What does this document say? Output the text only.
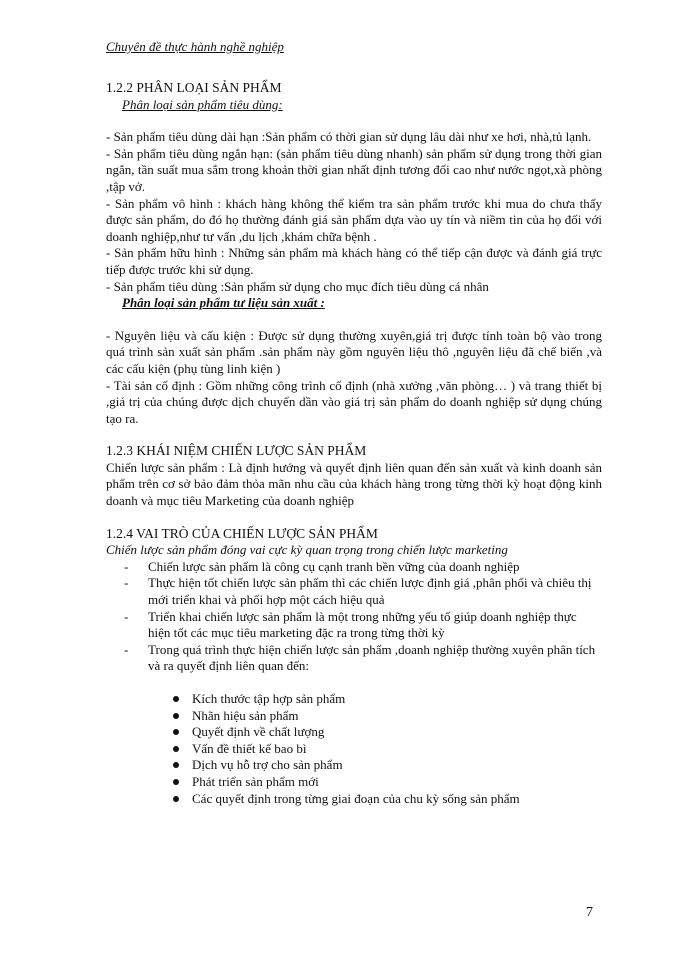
Chuyên đề thực hành nghề nghiệp

1.2.2 PHÂN LOẠI SẢN PHẨM

Phân loại sản phẩm tiêu dùng:

- Sản phẩm tiêu dùng dài hạn :Sản phẩm có thời gian sử dụng lâu dài như xe hơi, nhà,tủ lạnh.

- Sản phẩm tiêu dùng ngắn hạn: (sản phẩm tiêu dùng nhanh) sản phẩm sử dụng trong thời gian ngắn, tần suất mua sắm trong khoản thời gian nhất định tương đối cao như nước ngọt,xà phòng ,tập vở.

- Sản phẩm vô hình : khách hàng không thể kiểm tra sản phẩm trước khi mua do chưa thấy được sản phẩm, do đó họ thường đánh giá sản phẩm dựa vào uy tín và niềm tin của họ đối với doanh nghiệp,như tư vấn ,du lịch ,khám chữa bệnh .

- Sản phẩm hữu hình : Những sản phẩm mà khách hàng có thể tiếp cận được và đánh giá trực tiếp được trước khi sử dụng.

- Sản phẩm tiêu dùng :Sản phẩm sử dụng cho mục đích tiêu dùng cá nhân

Phân loại sản phẩm tư liệu sản xuất :

- Nguyên liệu và cấu kiện : Được sử dụng thường xuyên,giá trị được tính toàn bộ vào trong quá trình sản xuất sản phẩm .sản phẩm này gồm nguyên liệu thô ,nguyên liệu đã chế biến ,và các cấu kiện (phụ tùng linh kiện )

- Tài sản cố định : Gồm những công trình cố định (nhà xưởng ,văn phòng… ) và trang thiết bị ,giá trị của chúng được dịch chuyển dần vào giá trị sản phẩm do doanh nghiệp sử dụng chúng tạo ra.

1.2.3 KHÁI NIỆM CHIẾN LƯỢC SẢN PHẨM

Chiến lược sản phẩm : Là định hướng và quyết định liên quan đến sản xuất và kinh doanh sản phẩm trên cơ sở bảo đảm thỏa mãn nhu cầu của khách hàng trong từng thời kỳ hoạt động kinh doanh và mục tiêu Marketing của doanh nghiệp

1.2.4 VAI TRÒ CỦA CHIẾN LƯỢC SẢN PHẨM

Chiến lược sản phẩm đóng vai cực kỳ quan trọng trong chiến lược marketing

- Chiến lược sản phẩm là công cụ cạnh tranh bền vững của doanh nghiệp
- Thực hiện tốt chiến lược sản phẩm thì các chiến lược định giá ,phân phối và chiêu thị mới triển khai và phối hợp một cách hiệu quả
- Triển khai chiến lược sản phẩm là một trong những yếu tố giúp doanh nghiệp thực hiện tốt các mục tiêu marketing đặc ra trong từng thời kỳ
- Trong quá trình thực hiện chiến lược sản phẩm ,doanh nghiệp thường xuyên phân tích và ra quyết định liên quan đến:
Kích thước tập hợp sản phẩm
Nhãn hiệu sản phẩm
Quyết định về chất lượng
Vấn đề thiết kế bao bì
Dịch vụ hỗ trợ cho sản phẩm
Phát triển sản phẩm mới
Các quyết định trong từng giai đoạn của chu kỳ sống sản phẩm
7
